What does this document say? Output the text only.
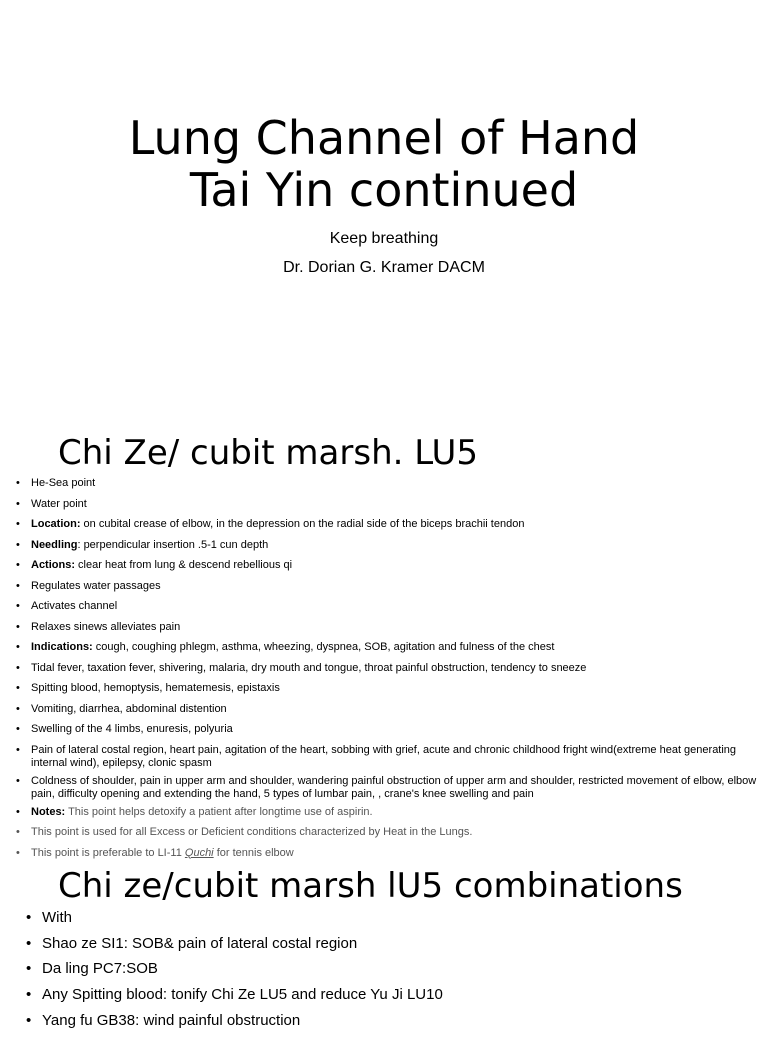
Lung Channel of Hand
Tai Yin continued
Keep breathing
Dr. Dorian G. Kramer DACM
Chi Ze/ cubit marsh. LU5
• He-Sea point
• Water point
• Location: on cubital crease of elbow, in the depression on the radial side of the biceps brachii tendon
• Needling: perpendicular insertion .5-1 cun depth
• Actions: clear heat from lung & descend rebellious qi
• Regulates water passages
• Activates channel
• Relaxes sinews alleviates pain
• Indications: cough, coughing phlegm, asthma, wheezing, dyspnea, SOB, agitation and fulness of the chest
• Tidal fever, taxation fever, shivering, malaria, dry mouth and tongue, throat painful obstruction, tendency to sneeze
• Spitting blood, hemoptysis, hematemesis, epistaxis
• Vomiting, diarrhea, abdominal distention
• Swelling of the 4 limbs, enuresis, polyuria
• Pain of lateral costal region, heart pain, agitation of the heart, sobbing with grief, acute and chronic childhood fright wind(extreme heat generating internal wind), epilepsy, clonic spasm
• Coldness of shoulder, pain in upper arm and shoulder, wandering painful obstruction of upper arm and shoulder, restricted movement of elbow, elbow pain, difficulty opening and extending the hand, 5 types of lumbar pain, , crane's knee swelling and pain
• Notes: This point helps detoxify a patient after longtime use of aspirin.
• This point is used for all Excess or Deficient conditions characterized by Heat in the Lungs.
• This point is preferable to LI-11 Quchi for tennis elbow
Chi ze/cubit marsh lU5 combinations
• With
• Shao ze SI1: SOB& pain of lateral costal region
• Da ling PC7:SOB
• Any Spitting blood: tonify Chi Ze LU5 and reduce Yu Ji LU10
• Yang fu GB38: wind painful obstruction
